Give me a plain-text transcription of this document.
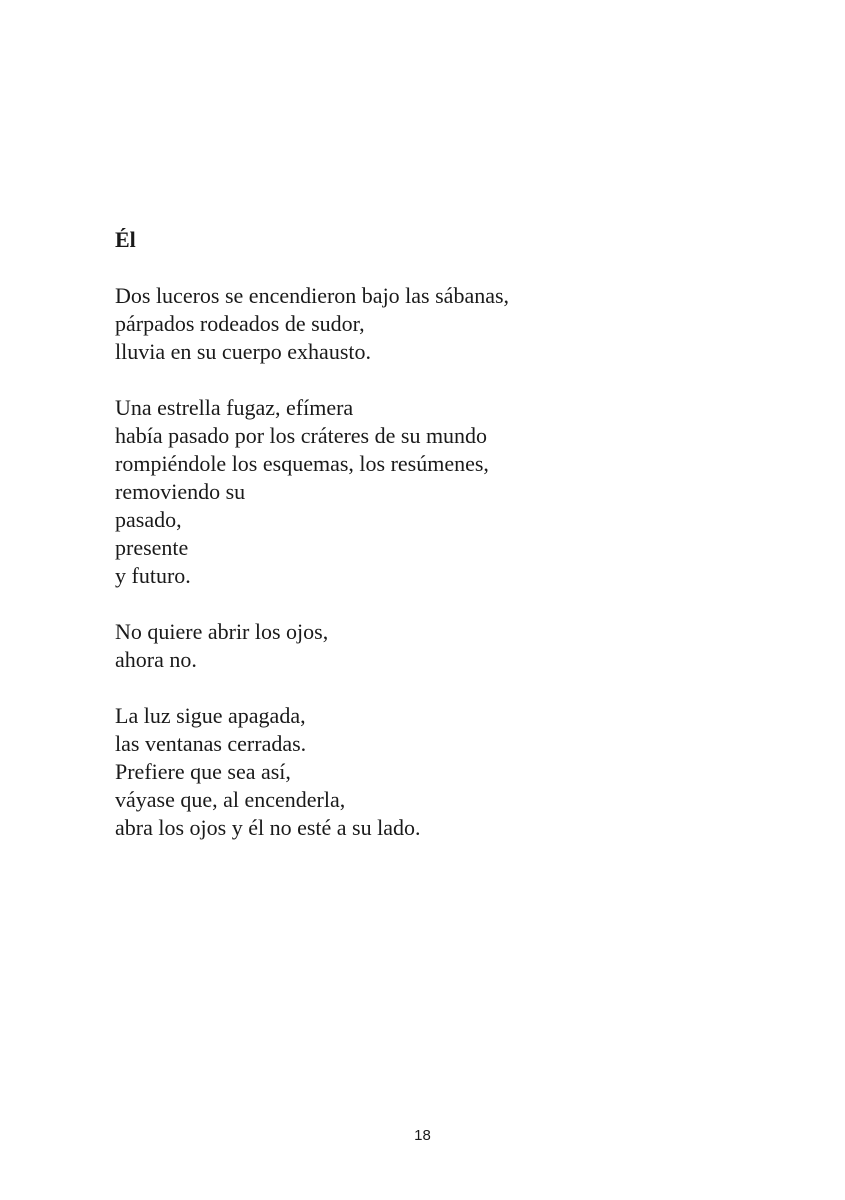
Él

Dos luceros se encendieron bajo las sábanas,
párpados rodeados de sudor,
lluvia en su cuerpo exhausto.

Una estrella fugaz, efímera
había pasado por los cráteres de su mundo
rompiéndole los esquemas, los resúmenes,
removiendo su
pasado,
presente
y futuro.

No quiere abrir los ojos,
ahora no.

La luz sigue apagada,
las ventanas cerradas.
Prefiere que sea así,
váyase que, al encenderla,
abra los ojos y él no esté a su lado.

18
